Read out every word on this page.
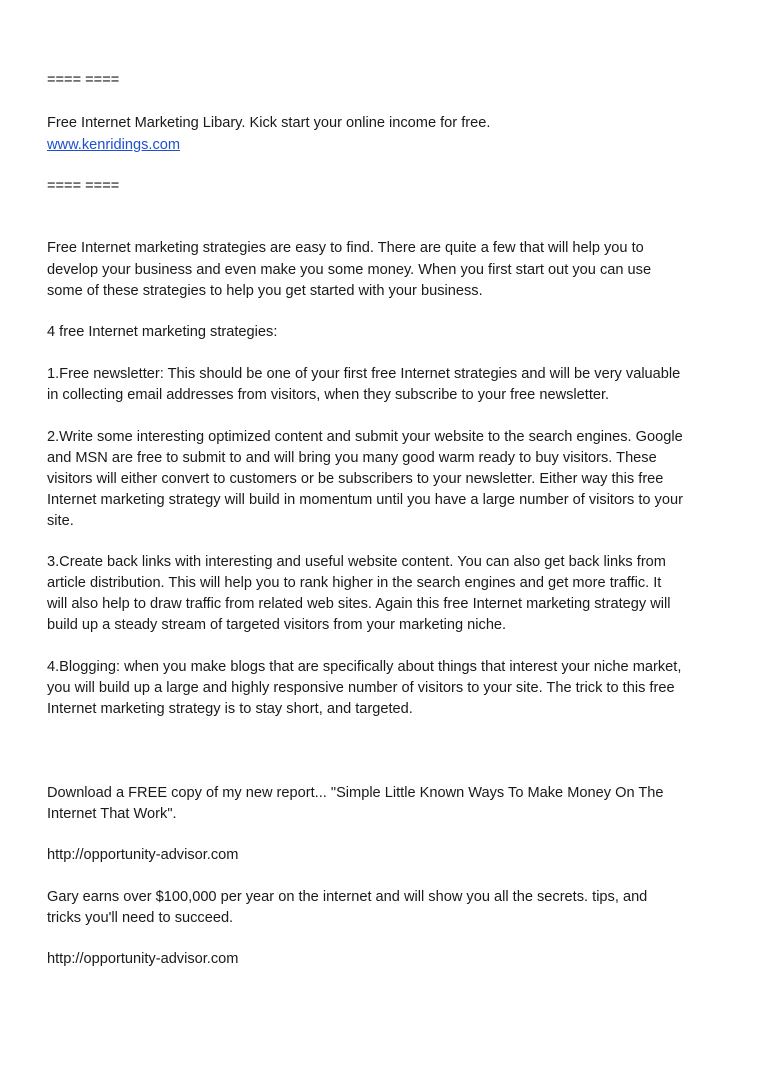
==== ====
Free Internet Marketing Libary. Kick start your online income for free.
www.kenridings.com
==== ====
Free Internet marketing strategies are easy to find. There are quite a few that will help you to
develop your business and even make you some money. When you first start out you can use
some of these strategies to help you get started with your business.
4 free Internet marketing strategies:
1.Free newsletter: This should be one of your first free Internet strategies and will be very valuable
in collecting email addresses from visitors, when they subscribe to your free newsletter.
2.Write some interesting optimized content and submit your website to the search engines. Google
and MSN are free to submit to and will bring you many good warm ready to buy visitors. These
visitors will either convert to customers or be subscribers to your newsletter. Either way this free
Internet marketing strategy will build in momentum until you have a large number of visitors to your
site.
3.Create back links with interesting and useful website content. You can also get back links from
article distribution. This will help you to rank higher in the search engines and get more traffic. It
will also help to draw traffic from related web sites. Again this free Internet marketing strategy will
build up a steady stream of targeted visitors from your marketing niche.
4.Blogging: when you make blogs that are specifically about things that interest your niche market,
you will build up a large and highly responsive number of visitors to your site. The trick to this free
Internet marketing strategy is to stay short, and targeted.
Download a FREE copy of my new report... "Simple Little Known Ways To Make Money On The
Internet That Work".
http://opportunity-advisor.com
Gary earns over $100,000 per year on the internet and will show you all the secrets. tips, and
tricks you'll need to succeed.
http://opportunity-advisor.com
